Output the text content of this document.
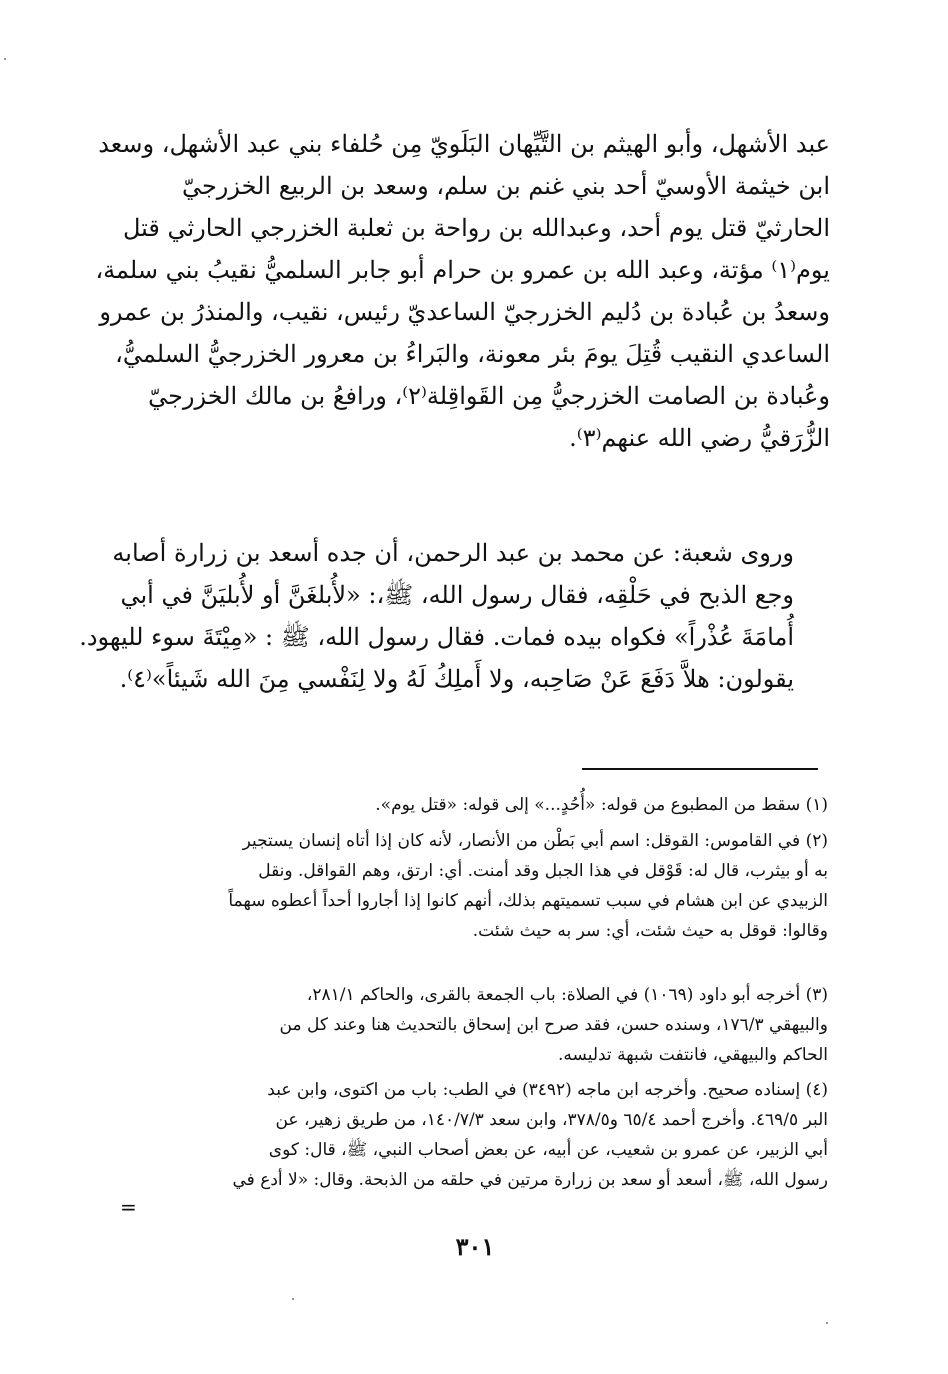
عبد الأشهل، وأبو الهيثم بن التَّيِّهان البَلَويّ مِن حُلفاء بني عبد الأشهل، وسعد
ابن خيثمة الأوسيّ أحد بني غنم بن سلم، وسعد بن الربيع الخزرجيّ
الحارثيّ قتل يوم أحد، وعبدالله بن رواحة بن ثعلبة الخزرجي الحارثي قتل
يوم⁽١⁾ مؤتة، وعبد الله بن عمرو بن حرام أبو جابر السلميُّ نقيبُ بني سلمة،
وسعدُ بن عُبادة بن دُليم الخزرجيّ الساعديّ رئيس، نقيب، والمنذرُ بن عمرو
الساعدي النقيب قُتِلَ يومَ بئر معونة، والبَراءُ بن معرور الخزرجيُّ السلميُّ،
وعُبادة بن الصامت الخزرجيُّ مِن القَواقِلة⁽٢⁾، ورافعُ بن مالك الخزرجيّ
الزُّرَقيُّ رضي الله عنهم⁽٣⁾.
وروى شعبة: عن محمد بن عبد الرحمن، أن جده أسعد بن زرارة أصابه
وجع الذبح في حَلْقِه، فقال رسول الله، ﷺ،: «لأُبلغَنَّ أو لأُبليَنَّ في أبي
أُمامَةَ عُذْراً» فكواه بيده فمات. فقال رسول الله، ﷺ : «مِيْتَةَ سوء لليهود.
يقولون: هلاَّ دَفَعَ عَنْ صَاحِبه، ولا أَملِكُ لَهُ ولا لِنَفْسي مِنَ الله شَيئاً»⁽٤⁾.
(١) سقط من المطبوع من قوله: «أُحُدٍ...» إلى قوله: «قتل يوم».
(٢) في القاموس: القوقل: اسم أبي بَطْن من الأنصار، لأنه كان إذا أتاه إنسان يستجير
به أو بيثرب، قال له: قَوْقل في هذا الجبل وقد أمنت. أي: ارتق، وهم القواقل. ونقل
الزبيدي عن ابن هشام في سبب تسميتهم بذلك، أنهم كانوا إذا أجاروا أحداً أعطوه سهماً
وقالوا: قوقل به حيث شئت، أي: سر به حيث شئت.
(٣) أخرجه أبو داود (١٠٦٩) في الصلاة: باب الجمعة بالقرى، والحاكم ٢٨١/١،
والبيهقي ١٧٦/٣، وسنده حسن، فقد صرح ابن إسحاق بالتحديث هنا وعند كل من
الحاكم والبيهقي، فانتفت شبهة تدليسه.
(٤) إسناده صحيح. وأخرجه ابن ماجه (٣٤٩٢) في الطب: باب من اكتوى، وابن عبد
البر ٤٦٩/٥. وأخرج أحمد ٦٥/٤ و٣٧٨/٥، وابن سعد ١٤٠/٧/٣، من طريق زهير، عن
أبي الزبير، عن عمرو بن شعيب، عن أبيه، عن بعض أصحاب النبي، ﷺ، قال: كوى
رسول الله، ﷺ، أسعد أو سعد بن زرارة مرتين في حلقه من الذبحة. وقال: «لا أدع في
=
٣٠١
